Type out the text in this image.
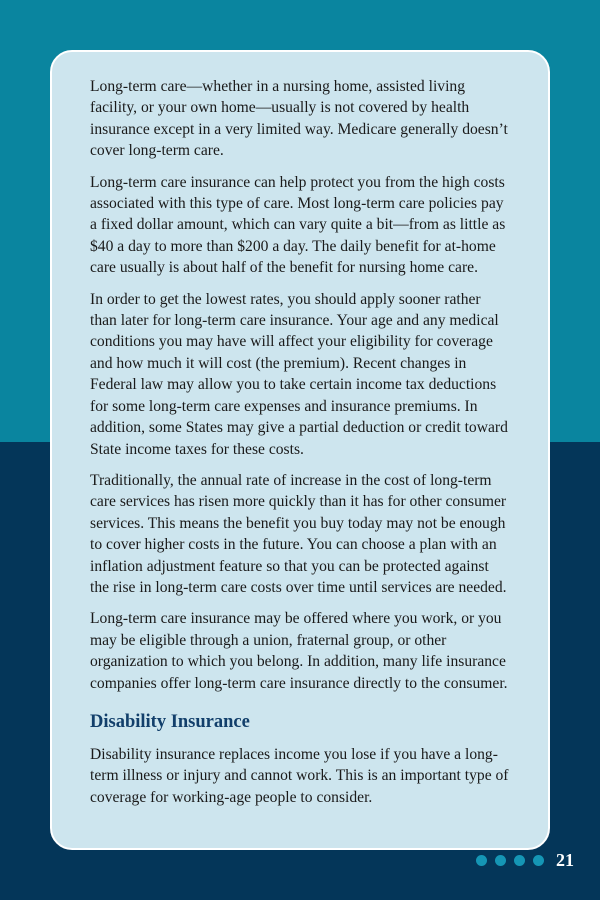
Long-term care—whether in a nursing home, assisted living facility, or your own home—usually is not covered by health insurance except in a very limited way. Medicare generally doesn’t cover long-term care.

Long-term care insurance can help protect you from the high costs associated with this type of care. Most long-term care policies pay a fixed dollar amount, which can vary quite a bit—from as little as $40 a day to more than $200 a day. The daily benefit for at-home care usually is about half of the benefit for nursing home care.

In order to get the lowest rates, you should apply sooner rather than later for long-term care insurance. Your age and any medical conditions you may have will affect your eligibility for coverage and how much it will cost (the premium). Recent changes in Federal law may allow you to take certain income tax deductions for some long-term care expenses and insurance premiums. In addition, some States may give a partial deduction or credit toward State income taxes for these costs.

Traditionally, the annual rate of increase in the cost of long-term care services has risen more quickly than it has for other consumer services. This means the benefit you buy today may not be enough to cover higher costs in the future. You can choose a plan with an inflation adjustment feature so that you can be protected against the rise in long-term care costs over time until services are needed.

Long-term care insurance may be offered where you work, or you may be eligible through a union, fraternal group, or other organization to which you belong. In addition, many life insurance companies offer long-term care insurance directly to the consumer.

Disability Insurance

Disability insurance replaces income you lose if you have a long-term illness or injury and cannot work. This is an important type of coverage for working-age people to consider.

21
